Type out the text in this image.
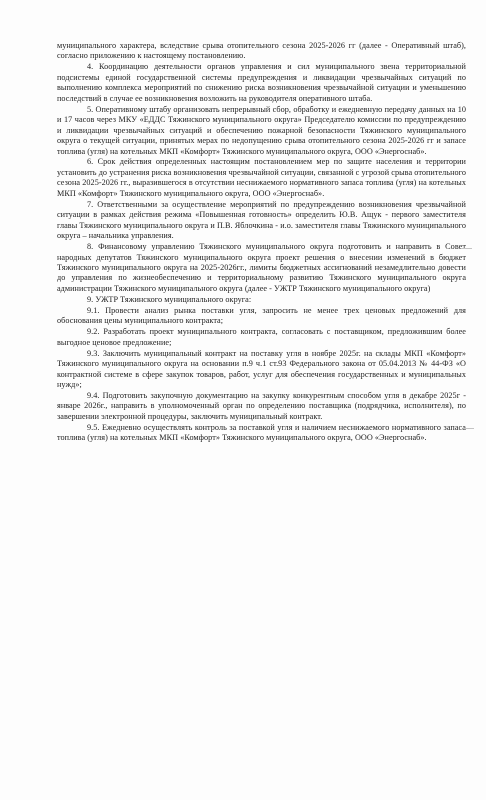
муниципального характера, вследствие срыва отопительного сезона 2025-2026 гг (далее - Оперативный штаб), согласно приложению к настоящему постановлению.

4. Координацию деятельности органов управления и сил муниципального звена территориальной подсистемы единой государственной системы предупреждения и ликвидации чрезвычайных ситуаций по выполнению комплекса мероприятий по снижению риска возникновения чрезвычайной ситуации и уменьшению последствий в случае ее возникновения возложить на руководителя оперативного штаба.

5. Оперативному штабу организовать непрерывный сбор, обработку и ежедневную передачу данных на 10 и 17 часов через МКУ «ЕДДС Тяжинского муниципального округа» Председателю комиссии по предупреждению и ликвидации чрезвычайных ситуаций и обеспечению пожарной безопасности Тяжинского муниципального округа о текущей ситуации, принятых мерах по недопущению срыва отопительного сезона 2025-2026 гг и запасе топлива (угля) на котельных МКП «Комфорт» Тяжинского муниципального округа, ООО «Энергоснаб».

6. Срок действия определенных настоящим постановлением мер по защите населения и территории установить до устранения риска возникновения чрезвычайной ситуации, связанной с угрозой срыва отопительного сезона 2025-2026 гг., выразившегося в отсутствии неснижаемого нормативного запаса топлива (угля) на котельных МКП «Комфорт» Тяжинского муниципального округа, ООО «Энергоснаб».

7. Ответственными за осуществление мероприятий по предупреждению возникновения чрезвычайной ситуации в рамках действия режима «Повышенная готовность» определить Ю.В. Ащук - первого заместителя главы Тяжинского муниципального округа и П.В. Яблочкина - и.о. заместителя главы Тяжинского муниципального округа – начальника управления.

8. Финансовому управлению Тяжинского муниципального округа подготовить и направить в Совет народных депутатов Тяжинского муниципального округа проект решения о внесении изменений в бюджет Тяжинского муниципального округа на 2025-2026гг., лимиты бюджетных ассигнований незамедлительно довести до управления по жизнеобеспечению и территориальному развитию Тяжинского муниципального округа администрации Тяжинского муниципального округа (далее - УЖТР Тяжинского муниципального округа)

9. УЖТР Тяжинского муниципального округа:

9.1. Провести анализ рынка поставки угля, запросить не менее трех ценовых предложений для обоснования цены муниципального контракта;

9.2. Разработать проект муниципального контракта, согласовать с поставщиком, предложившим более выгодное ценовое предложение;

9.3. Заключить муниципальный контракт на поставку угля в ноябре 2025г. на склады МКП «Комфорт» Тяжинского муниципального округа на основании п.9 ч.1 ст.93 Федерального закона от 05.04.2013 № 44-ФЗ «О контрактной системе в сфере закупок товаров, работ, услуг для обеспечения государственных и муниципальных нужд»;

9.4. Подготовить закупочную документацию на закупку конкурентным способом угля в декабре 2025г - январе 2026г., направить в уполномоченный орган по определению поставщика (подрядчика, исполнителя), по завершении электронной процедуры, заключить муниципальный контракт.

9.5. Ежедневно осуществлять контроль за поставкой угля и наличием неснижаемого нормативного запаса топлива (угля) на котельных МКП «Комфорт» Тяжинского муниципального округа, ООО «Энергоснаб».
